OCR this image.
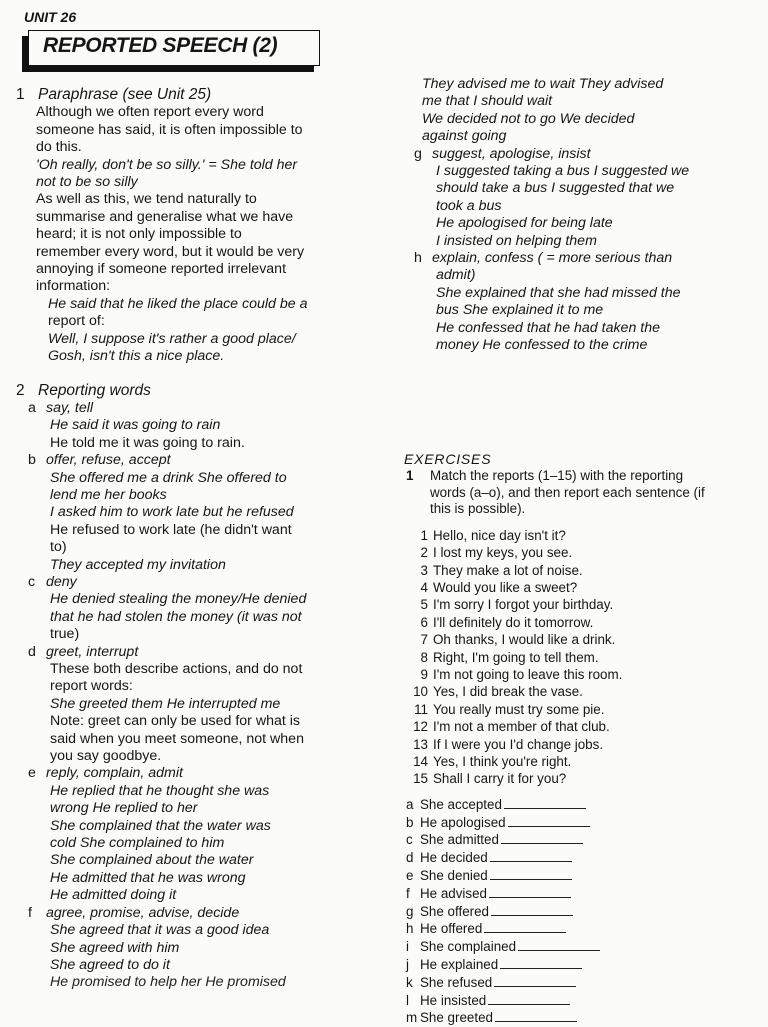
UNIT 26
REPORTED SPEECH (2)
1 Paraphrase (see Unit 25)
Although we often report every word
someone has said, it is often impossible to
do this.
'Oh really, don't be so silly.' = She told her
not to be so silly
As well as this, we tend naturally to
summarise and generalise what we have
heard; it is not only impossible to
remember every word, but it would be very
annoying if someone reported irrelevant
information:
He said that he liked the place could be a
report of:
Well, I suppose it's rather a good place/
Gosh, isn't this a nice place.
2 Reporting words
a say, tell
He said it was going to rain
He told me it was going to rain.
b offer, refuse, accept
She offered me a drink She offered to
lend me her books
I asked him to work late but he refused
He refused to work late (he didn't want
to)
They accepted my invitation
c deny
He denied stealing the money/He denied
that he had stolen the money (it was not
true)
d greet, interrupt
These both describe actions, and do not
report words:
She greeted them He interrupted me
Note: greet can only be used for what is
said when you meet someone, not when
you say goodbye.
e reply, complain, admit
He replied that he thought she was
wrong He replied to her
She complained that the water was
cold She complained to him
She complained about the water
He admitted that he was wrong
He admitted doing it
f agree, promise, advise, decide
She agreed that it was a good idea
She agreed with him
She agreed to do it
He promised to help her He promised
They advised me to wait They advised
me that I should wait
We decided not to go We decided
against going
g suggest, apologise, insist
I suggested taking a bus I suggested we
should take a bus I suggested that we
took a bus
He apologised for being late
I insisted on helping them
h explain, confess ( = more serious than
admit)
She explained that she had missed the
bus She explained it to me
He confessed that he had taken the
money He confessed to the crime
EXERCISES
1	Match the reports (1–15) with the reporting
words (a–o), and then report each sentence (if
this is possible).
1 Hello, nice day isn't it?
2 I lost my keys, you see.
3 They make a lot of noise.
4 Would you like a sweet?
5 I'm sorry I forgot your birthday.
6 I'll definitely do it tomorrow.
7 Oh thanks, I would like a drink.
8 Right, I'm going to tell them.
9 I'm not going to leave this room.
10 Yes, I did break the vase.
11 You really must try some pie.
12 I'm not a member of that club.
13 If I were you I'd change jobs.
14 Yes, I think you're right.
15 Shall I carry it for you?
a She accepted
b He apologised
c She admitted
d He decided
e She denied
f He advised
g She offered
h He offered
i She complained
j He explained
k She refused
l He insisted
m She greeted
